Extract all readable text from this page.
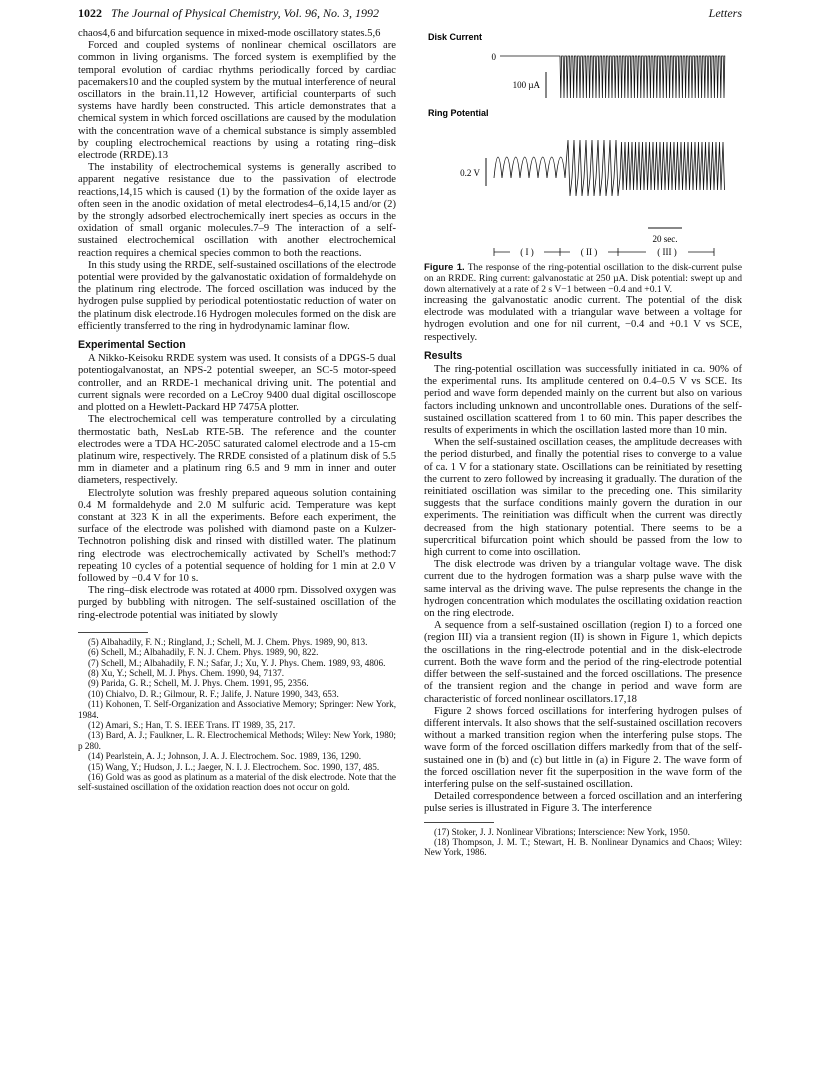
1022 The Journal of Physical Chemistry, Vol. 96, No. 3, 1992	Letters

chaos4,6 and bifurcation sequence in mixed-mode oscillatory states.5,6

Forced and coupled systems of nonlinear chemical oscillators are common in living organisms. The forced system is exemplified by the temporal evolution of cardiac rhythms periodically forced by cardiac pacemakers10 and the coupled system by the mutual interference of neural oscillators in the brain.11,12 However, artificial counterparts of such systems have hardly been constructed. This article demonstrates that a chemical system in which forced oscillations are caused by the modulation with the concentration wave of a chemical substance is simply assembled by coupling electrochemical reactions by using a rotating ring–disk electrode (RRDE).13

The instability of electrochemical systems is generally ascribed to apparent negative resistance due to the passivation of electrode reactions,14,15 which is caused (1) by the formation of the oxide layer as often seen in the anodic oxidation of metal electrodes4–6,14,15 and/or (2) by the strongly adsorbed electrochemically inert species as occurs in the oxidation of small organic molecules.7–9 The interaction of a self-sustained electrochemical oscillation with another electrochemical reaction requires a chemical species common to both the reactions.

In this study using the RRDE, self-sustained oscillations of the electrode potential were provided by the galvanostatic oxidation of formaldehyde on the platinum ring electrode. The forced oscillation was induced by the hydrogen pulse supplied by periodical potentiostatic reduction of water on the platinum disk electrode.16 Hydrogen molecules formed on the disk are efficiently transferred to the ring in hydrodynamic laminar flow.

Experimental Section

A Nikko-Keisoku RRDE system was used. It consists of a DPGS-5 dual potentiogalvanostat, an NPS-2 potential sweeper, an SC-5 motor-speed controller, and an RRDE-1 mechanical driving unit. The potential and current signals were recorded on a LeCroy 9400 dual digital oscilloscope and plotted on a Hewlett-Packard HP 7475A plotter.

The electrochemical cell was temperature controlled by a circulating thermostatic bath, NesLab RTE-5B. The reference and the counter electrodes were a TDA HC-205C saturated calomel electrode and a 15-cm platinum wire, respectively. The RRDE consisted of a platinum disk of 5.5 mm in diameter and a platinum ring 6.5 and 9 mm in inner and outer diameters, respectively.

Electrolyte solution was freshly prepared aqueous solution containing 0.4 M formaldehyde and 2.0 M sulfuric acid. Temperature was kept constant at 323 K in all the experiments. Before each experiment, the surface of the electrode was polished with diamond paste on a Kulzer-Technotron polishing disk and rinsed with distilled water. The platinum ring electrode was electrochemically activated by Schell's method:7 repeating 10 cycles of a potential sequence of holding for 1 min at 2.0 V followed by −0.4 V for 10 s.

The ring–disk electrode was rotated at 4000 rpm. Dissolved oxygen was purged by bubbling with nitrogen. The self-sustained oscillation of the ring-electrode potential was initiated by slowly

(5) Albahadily, F. N.; Ringland, J.; Schell, M. J. Chem. Phys. 1989, 90, 813.

(6) Schell, M.; Albahadily, F. N. J. Chem. Phys. 1989, 90, 822.

(7) Schell, M.; Albahadily, F. N.; Safar, J.; Xu, Y. J. Phys. Chem. 1989, 93, 4806.

(8) Xu, Y.; Schell, M. J. Phys. Chem. 1990, 94, 7137.

(9) Parida, G. R.; Schell, M. J. Phys. Chem. 1991, 95, 2356.

(10) Chialvo, D. R.; Gilmour, R. F.; Jalife, J. Nature 1990, 343, 653.

(11) Kohonen, T. Self-Organization and Associative Memory; Springer: New York, 1984.

(12) Amari, S.; Han, T. S. IEEE Trans. IT 1989, 35, 217.

(13) Bard, A. J.; Faulkner, L. R. Electrochemical Methods; Wiley: New York, 1980; p 280.

(14) Pearlstein, A. J.; Johnson, J. A. J. Electrochem. Soc. 1989, 136, 1290.

(15) Wang, Y.; Hudson, J. L.; Jaeger, N. I. J. Electrochem. Soc. 1990, 137, 485.

(16) Gold was as good as platinum as a material of the disk electrode. Note that the self-sustained oscillation of the oxidation reaction does not occur on gold.

Disk Current
0
100 µA
Ring Potential
0.2 V
20 sec.
( I )	( II )	( III )

Figure 1. The response of the ring-potential oscillation to the disk-current pulse on an RRDE. Ring current: galvanostatic at 250 µA. Disk potential: swept up and down alternatively at a rate of 2 s V−1 between −0.4 and +0.1 V.

increasing the galvanostatic anodic current. The potential of the disk electrode was modulated with a triangular wave between a voltage for hydrogen evolution and one for nil current, −0.4 and +0.1 V vs SCE, respectively.

Results

The ring-potential oscillation was successfully initiated in ca. 90% of the experimental runs. Its amplitude centered on 0.4–0.5 V vs SCE. Its period and wave form depended mainly on the current but also on various factors including unknown and uncontrollable ones. Durations of the self-sustained oscillation scattered from 1 to 60 min. This paper describes the results of experiments in which the oscillation lasted more than 10 min.

When the self-sustained oscillation ceases, the amplitude decreases with the period disturbed, and finally the potential rises to converge to a value of ca. 1 V for a stationary state. Oscillations can be reinitiated by resetting the current to zero followed by increasing it gradually. The duration of the reinitiated oscillation was similar to the preceding one. This similarity suggests that the surface conditions mainly govern the duration in our experiments. The reinitiation was difficult when the current was directly decreased from the high stationary potential. There seems to be a supercritical bifurcation point which should be passed from the low to high current to come into oscillation.

The disk electrode was driven by a triangular voltage wave. The disk current due to the hydrogen formation was a sharp pulse wave with the same interval as the driving wave. The pulse represents the change in the hydrogen concentration which modulates the oscillating oxidation reaction on the ring electrode.

A sequence from a self-sustained oscillation (region I) to a forced one (region III) via a transient region (II) is shown in Figure 1, which depicts the oscillations in the ring-electrode potential and in the disk-electrode current. Both the wave form and the period of the ring-electrode potential differ between the self-sustained and the forced oscillations. The presence of the transient region and the change in period and wave form are characteristic of forced nonlinear oscillators.17,18

Figure 2 shows forced oscillations for interfering hydrogen pulses of different intervals. It also shows that the self-sustained oscillation recovers without a marked transition region when the interfering pulse stops. The wave form of the forced oscillation differs markedly from that of the self-sustained one in (b) and (c) but little in (a) in Figure 2. The wave form of the forced oscillation never fit the superposition in the wave form of the interfering pulse on the self-sustained oscillation.

Detailed correspondence between a forced oscillation and an interfering pulse series is illustrated in Figure 3. The interference

(17) Stoker, J. J. Nonlinear Vibrations; Interscience: New York, 1950.

(18) Thompson, J. M. T.; Stewart, H. B. Nonlinear Dynamics and Chaos; Wiley: New York, 1986.
